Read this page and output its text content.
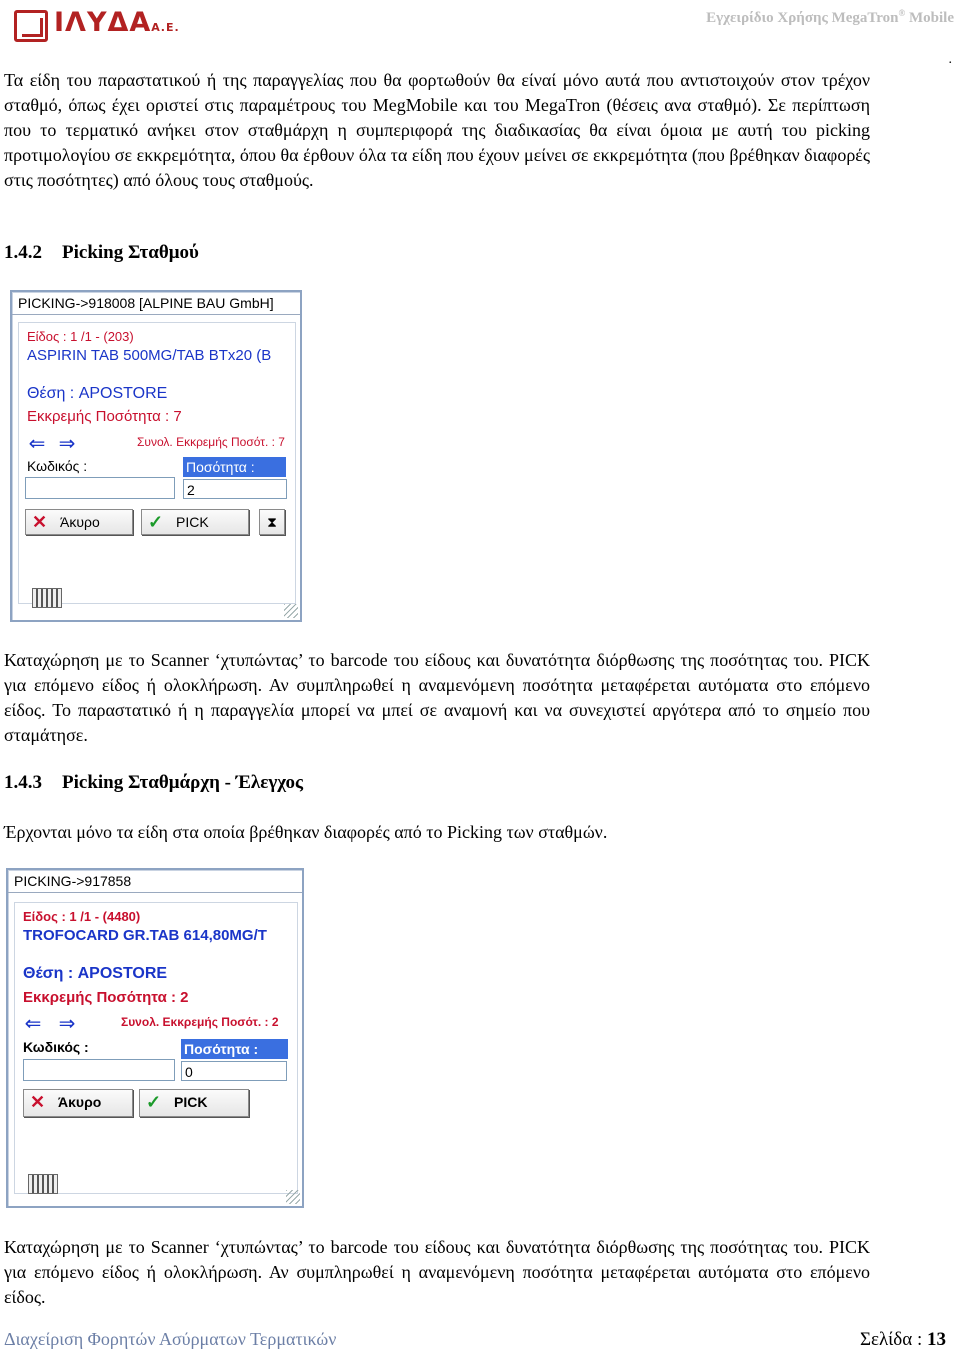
ΙΛΥΔΑΑ.Ε.
Εγχειρίδιο Χρήσης MegaTron® Mobile
.
Τα είδη του παραστατικού ή της παραγγελίας που θα φορτωθούν θα είναί μόνο αυτά που αντιστοιχούν στον τρέχον σταθμό, όπως έχει οριστεί στις παραμέτρους του MegMobile και του MegaTron (θέσεις ανα σταθμό). Σε περίπτωση που το τερματικό ανήκει στον σταθμάρχη η συμπεριφορά της διαδικασίας θα είναι όμοια με αυτή του picking προτιμολογίου σε εκκρεμότητα, όπου θα έρθουν όλα τα είδη που έχουν μείνει σε εκκρεμότητα (που βρέθηκαν διαφορές στις ποσότητες) από όλους τους σταθμούς.
1.4.2 Picking Σταθμού
PICKING->918008 [ALPINE BAU GmbH]
Είδος : 1 /1 - (203)
ASPIRIN TAB 500MG/TAB BTx20 (B
Θέση : APOSTORE
Εκκρεμής Ποσότητα : 7
⇐ ⇒	Συνολ. Εκκρεμής Ποσότ. : 7
Κωδικός :	Ποσότητα :
2
✕ Άκυρο	✓ PICK	⧗
Καταχώρηση με το Scanner ‘χτυπώντας’ το barcode του είδους και δυνατότητα διόρθωσης της ποσότητας του. PICK για επόμενο είδος ή ολοκλήρωση. Αν συμπληρωθεί η αναμενόμενη ποσότητα μεταφέρεται αυτόματα στο επόμενο είδος. Το παραστατικό ή η παραγγελία μπορεί να μπεί σε αναμονή και να συνεχιστεί αργότερα από το σημείο που σταμάτησε.
1.4.3 Picking Σταθμάρχη - Έλεγχος
Έρχονται μόνο τα είδη στα οποία βρέθηκαν διαφορές από το Picking των σταθμών.
PICKING->917858
Είδος : 1 /1 - (4480)
TROFOCARD GR.TAB 614,80MG/T
Θέση : APOSTORE
Εκκρεμής Ποσότητα : 2
⇐ ⇒	Συνολ. Εκκρεμής Ποσότ. : 2
Κωδικός :	Ποσότητα :
0
✕ Άκυρο ✓ PICK
Καταχώρηση με το Scanner ‘χτυπώντας’ το barcode του είδους και δυνατότητα διόρθωσης της ποσότητας του. PICK για επόμενο είδος ή ολοκλήρωση. Αν συμπληρωθεί η αναμενόμενη ποσότητα μεταφέρεται αυτόματα στο επόμενο είδος.
Διαχείριση Φορητών Ασύρματων Τερματικών	Σελίδα : 13
